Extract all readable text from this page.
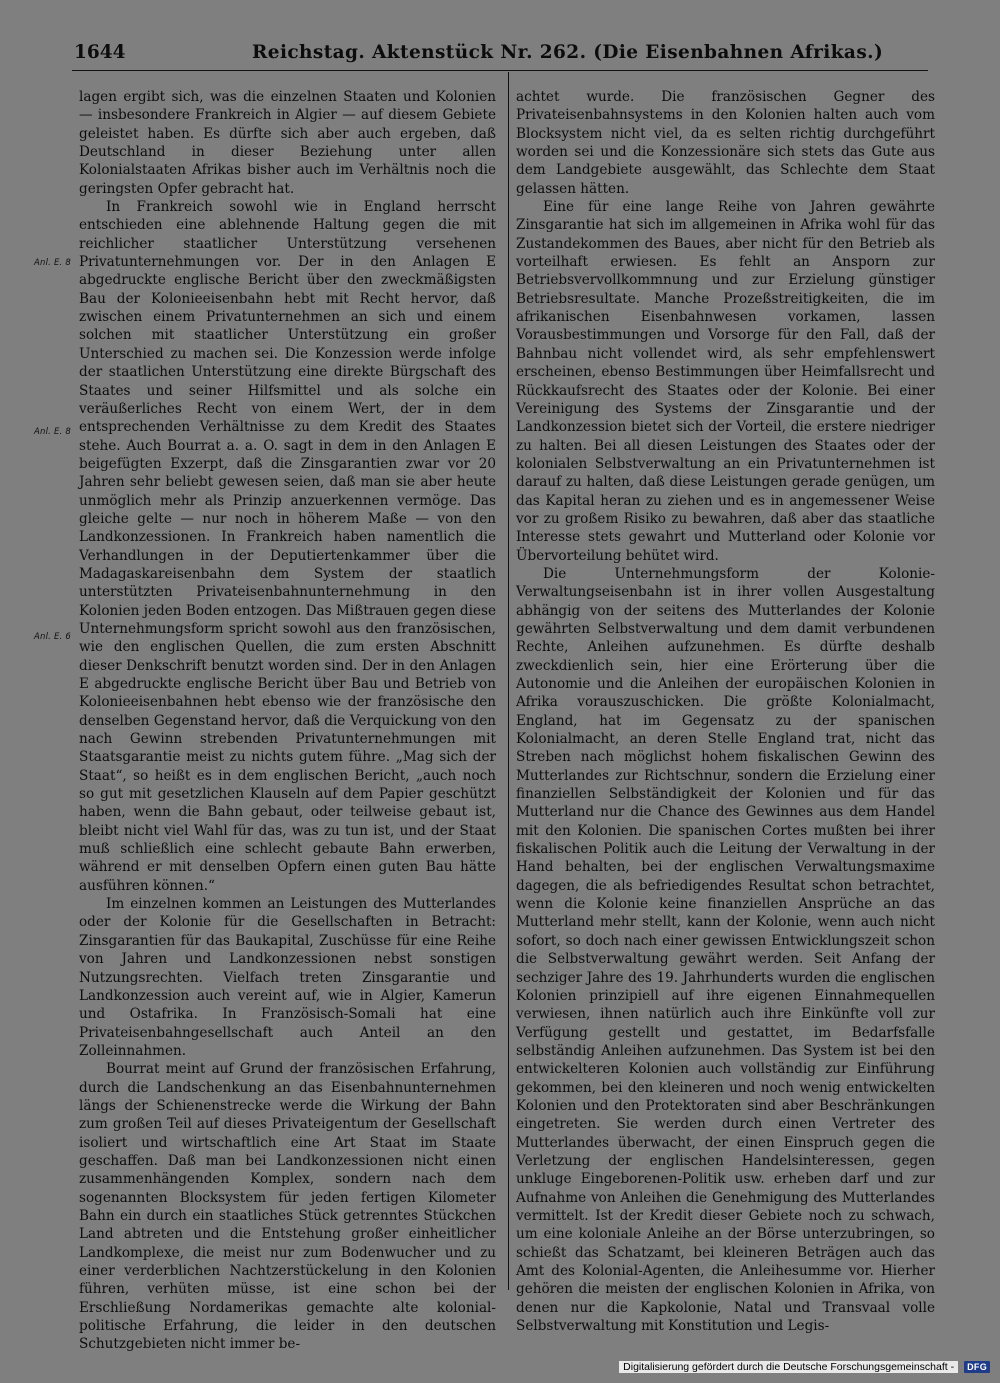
1644	Reichstag. Aktenstück Nr. 262. (Die Eisenbahnen Afrikas.)
Anl. E. 8
Anl. E. 8
Anl. E. 6

lagen ergibt sich, was die einzelnen Staaten und Kolonien — insbesondere Frankreich in Algier — auf diesem Gebiete geleistet haben. Es dürfte sich aber auch ergeben, daß Deutschland in dieser Beziehung unter allen Kolonialstaaten Afrikas bisher auch im Verhältnis noch die geringsten Opfer gebracht hat.

In Frankreich sowohl wie in England herrscht entschieden eine ablehnende Haltung gegen die mit reichlicher staatlicher Unterstützung versehenen Privatunternehmungen vor. Der in den Anlagen E abgedruckte englische Bericht über den zweckmäßigsten Bau der Kolonieeisenbahn hebt mit Recht hervor, daß zwischen einem Privatunternehmen an sich und einem solchen mit staatlicher Unterstützung ein großer Unterschied zu machen sei. Die Konzession werde infolge der staatlichen Unterstützung eine direkte Bürgschaft des Staates und seiner Hilfsmittel und als solche ein veräußerliches Recht von einem Wert, der in dem entsprechenden Verhältnisse zu dem Kredit des Staates stehe. Auch Bourrat a. a. O. sagt in dem in den Anlagen E beigefügten Exzerpt, daß die Zinsgarantien zwar vor 20 Jahren sehr beliebt gewesen seien, daß man sie aber heute unmöglich mehr als Prinzip anzuerkennen vermöge. Das gleiche gelte — nur noch in höherem Maße — von den Landkonzessionen. In Frankreich haben namentlich die Verhandlungen in der Deputiertenkammer über die Madagaskareisenbahn dem System der staatlich unterstützten Privateisenbahnunternehmung in den Kolonien jeden Boden entzogen. Das Mißtrauen gegen diese Unternehmungsform spricht sowohl aus den französischen, wie den englischen Quellen, die zum ersten Abschnitt dieser Denkschrift benutzt worden sind. Der in den Anlagen E abgedruckte englische Bericht über Bau und Betrieb von Kolonieeisenbahnen hebt ebenso wie der französische den denselben Gegenstand hervor, daß die Verquickung von den nach Gewinn strebenden Privatunternehmungen mit Staatsgarantie meist zu nichts gutem führe. „Mag sich der Staat“, so heißt es in dem englischen Bericht, „auch noch so gut mit gesetzlichen Klauseln auf dem Papier geschützt haben, wenn die Bahn gebaut, oder teilweise gebaut ist, bleibt nicht viel Wahl für das, was zu tun ist, und der Staat muß schließlich eine schlecht gebaute Bahn erwerben, während er mit denselben Opfern einen guten Bau hätte ausführen können.“

Im einzelnen kommen an Leistungen des Mutterlandes oder der Kolonie für die Gesellschaften in Betracht: Zinsgarantien für das Baukapital, Zuschüsse für eine Reihe von Jahren und Landkonzessionen nebst sonstigen Nutzungsrechten. Vielfach treten Zinsgarantie und Landkonzession auch vereint auf, wie in Algier, Kamerun und Ostafrika. In Französisch-Somali hat eine Privateisenbahngesellschaft auch Anteil an den Zolleinnahmen.

Bourrat meint auf Grund der französischen Erfahrung, durch die Landschenkung an das Eisenbahnunternehmen längs der Schienenstrecke werde die Wirkung der Bahn zum großen Teil auf dieses Privateigentum der Gesellschaft isoliert und wirtschaftlich eine Art Staat im Staate geschaffen. Daß man bei Landkonzessionen nicht einen zusammenhängenden Komplex, sondern nach dem sogenannten Blocksystem für jeden fertigen Kilometer Bahn ein durch ein staatliches Stück getrenntes Stückchen Land abtreten und die Entstehung großer einheitlicher Landkomplexe, die meist nur zum Bodenwucher und zu einer verderblichen Nachtzerstückelung in den Kolonien führen, verhüten müsse, ist eine schon bei der Erschließung Nordamerikas gemachte alte kolonial-politische Erfahrung, die leider in den deutschen Schutzgebieten nicht immer be-

achtet wurde. Die französischen Gegner des Privateisenbahnsystems in den Kolonien halten auch vom Blocksystem nicht viel, da es selten richtig durchgeführt worden sei und die Konzessionäre sich stets das Gute aus dem Landgebiete ausgewählt, das Schlechte dem Staat gelassen hätten.

Eine für eine lange Reihe von Jahren gewährte Zinsgarantie hat sich im allgemeinen in Afrika wohl für das Zustandekommen des Baues, aber nicht für den Betrieb als vorteilhaft erwiesen. Es fehlt an Ansporn zur Betriebsvervollkommnung und zur Erzielung günstiger Betriebsresultate. Manche Prozeßstreitigkeiten, die im afrikanischen Eisenbahnwesen vorkamen, lassen Vorausbestimmungen und Vorsorge für den Fall, daß der Bahnbau nicht vollendet wird, als sehr empfehlenswert erscheinen, ebenso Bestimmungen über Heimfallsrecht und Rückkaufsrecht des Staates oder der Kolonie. Bei einer Vereinigung des Systems der Zinsgarantie und der Landkonzession bietet sich der Vorteil, die erstere niedriger zu halten. Bei all diesen Leistungen des Staates oder der kolonialen Selbstverwaltung an ein Privatunternehmen ist darauf zu halten, daß diese Leistungen gerade genügen, um das Kapital heran zu ziehen und es in angemessener Weise vor zu großem Risiko zu bewahren, daß aber das staatliche Interesse stets gewahrt und Mutterland oder Kolonie vor Übervorteilung behütet wird.

Die Unternehmungsform der Kolonie-Verwaltungseisenbahn ist in ihrer vollen Ausgestaltung abhängig von der seitens des Mutterlandes der Kolonie gewährten Selbstverwaltung und dem damit verbundenen Rechte, Anleihen aufzunehmen. Es dürfte deshalb zweckdienlich sein, hier eine Erörterung über die Autonomie und die Anleihen der europäischen Kolonien in Afrika vorauszuschicken. Die größte Kolonialmacht, England, hat im Gegensatz zu der spanischen Kolonialmacht, an deren Stelle England trat, nicht das Streben nach möglichst hohem fiskalischen Gewinn des Mutterlandes zur Richtschnur, sondern die Erzielung einer finanziellen Selbständigkeit der Kolonien und für das Mutterland nur die Chance des Gewinnes aus dem Handel mit den Kolonien. Die spanischen Cortes mußten bei ihrer fiskalischen Politik auch die Leitung der Verwaltung in der Hand behalten, bei der englischen Verwaltungsmaxime dagegen, die als befriedigendes Resultat schon betrachtet, wenn die Kolonie keine finanziellen Ansprüche an das Mutterland mehr stellt, kann der Kolonie, wenn auch nicht sofort, so doch nach einer gewissen Entwicklungszeit schon die Selbstverwaltung gewährt werden. Seit Anfang der sechziger Jahre des 19. Jahrhunderts wurden die englischen Kolonien prinzipiell auf ihre eigenen Einnahmequellen verwiesen, ihnen natürlich auch ihre Einkünfte voll zur Verfügung gestellt und gestattet, im Bedarfsfalle selbständig Anleihen aufzunehmen. Das System ist bei den entwickelteren Kolonien auch vollständig zur Einführung gekommen, bei den kleineren und noch wenig entwickelten Kolonien und den Protektoraten sind aber Beschränkungen eingetreten. Sie werden durch einen Vertreter des Mutterlandes überwacht, der einen Einspruch gegen die Verletzung der englischen Handelsinteressen, gegen unkluge Eingeborenen-Politik usw. erheben darf und zur Aufnahme von Anleihen die Genehmigung des Mutterlandes vermittelt. Ist der Kredit dieser Gebiete noch zu schwach, um eine koloniale Anleihe an der Börse unterzubringen, so schießt das Schatzamt, bei kleineren Beträgen auch das Amt des Kolonial-Agenten, die Anleihesumme vor. Hierher gehören die meisten der englischen Kolonien in Afrika, von denen nur die Kapkolonie, Natal und Transvaal volle Selbstverwaltung mit Konstitution und Legis-

Digitalisierung gefördert durch die Deutsche Forschungsgemeinschaft -	DFG
